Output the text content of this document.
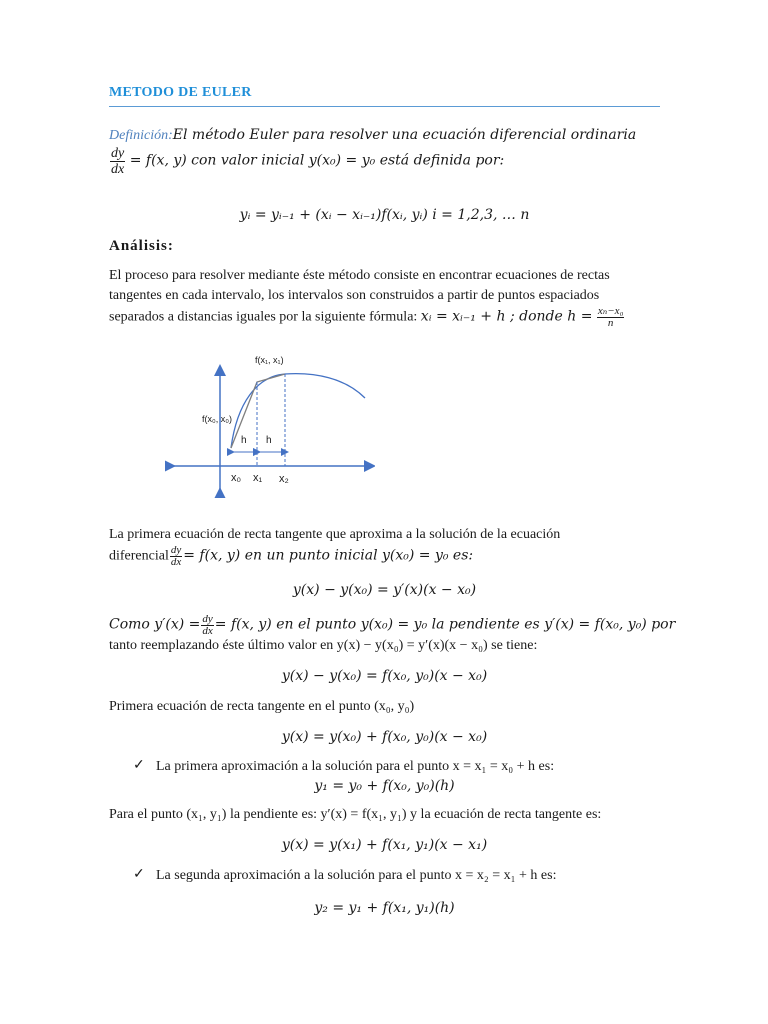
METODO DE EULER
Definición:El método Euler para resolver una ecuación diferencial ordinaria
$\frac{dy}{dx} = f(x$, y) con valor inicial y(x₀) = y₀ está definida por:
yᵢ = yᵢ₋₁ + (xᵢ − xᵢ₋₁)f(xᵢ, yᵢ) i = 1,2,3, … n
Análisis:
El proceso para resolver mediante éste método consiste en encontrar ecuaciones de rectas
tangentes en cada intervalo, los intervalos son construidos a partir de puntos espaciados
separados a distancias iguales por la siguiente fórmula: xᵢ = xᵢ₋₁ + h ; donde $h = \frac{\text{xₙ−x₀}}{n}$
f(x₁, x₁)
f(x₀, x₀)
h h
x₀ x₁ x₂
La primera ecuación de recta tangente que aproxima a la solución de la ecuación
diferencial $\frac{dy}{dx} = f(x$, y) en un punto inicial y(x₀) = y₀ es:
y(x) − y(x₀) = y′(x)(x − x₀)
Como $y'(x) = \frac{dy}{dx} = f(x$, y) en el punto y(x₀) = y₀ la pendiente es y′(x) = f(x₀, y₀) por
tanto reemplazando éste último valor en y(x) − y(x₀) = y′(x)(x − x₀) se tiene:
y(x) − y(x₀) = f(x₀, y₀)(x − x₀)
Primera ecuación de recta tangente en el punto (x₀, y₀)
y(x) = y(x₀) + f(x₀, y₀)(x − x₀)
✓ La primera aproximación a la solución para el punto x = x₁ = x₀ + h es:
y₁ = y₀ + f(x₀, y₀)(h)
Para el punto (x₁, y₁) la pendiente es: y′(x) = f(x₁, y₁) y la ecuación de recta tangente es:
y(x) = y(x₁) + f(x₁, y₁)(x − x₁)
✓ La segunda aproximación a la solución para el punto x = x₂ = x₁ + h es:
y₂ = y₁ + f(x₁, y₁)(h)
